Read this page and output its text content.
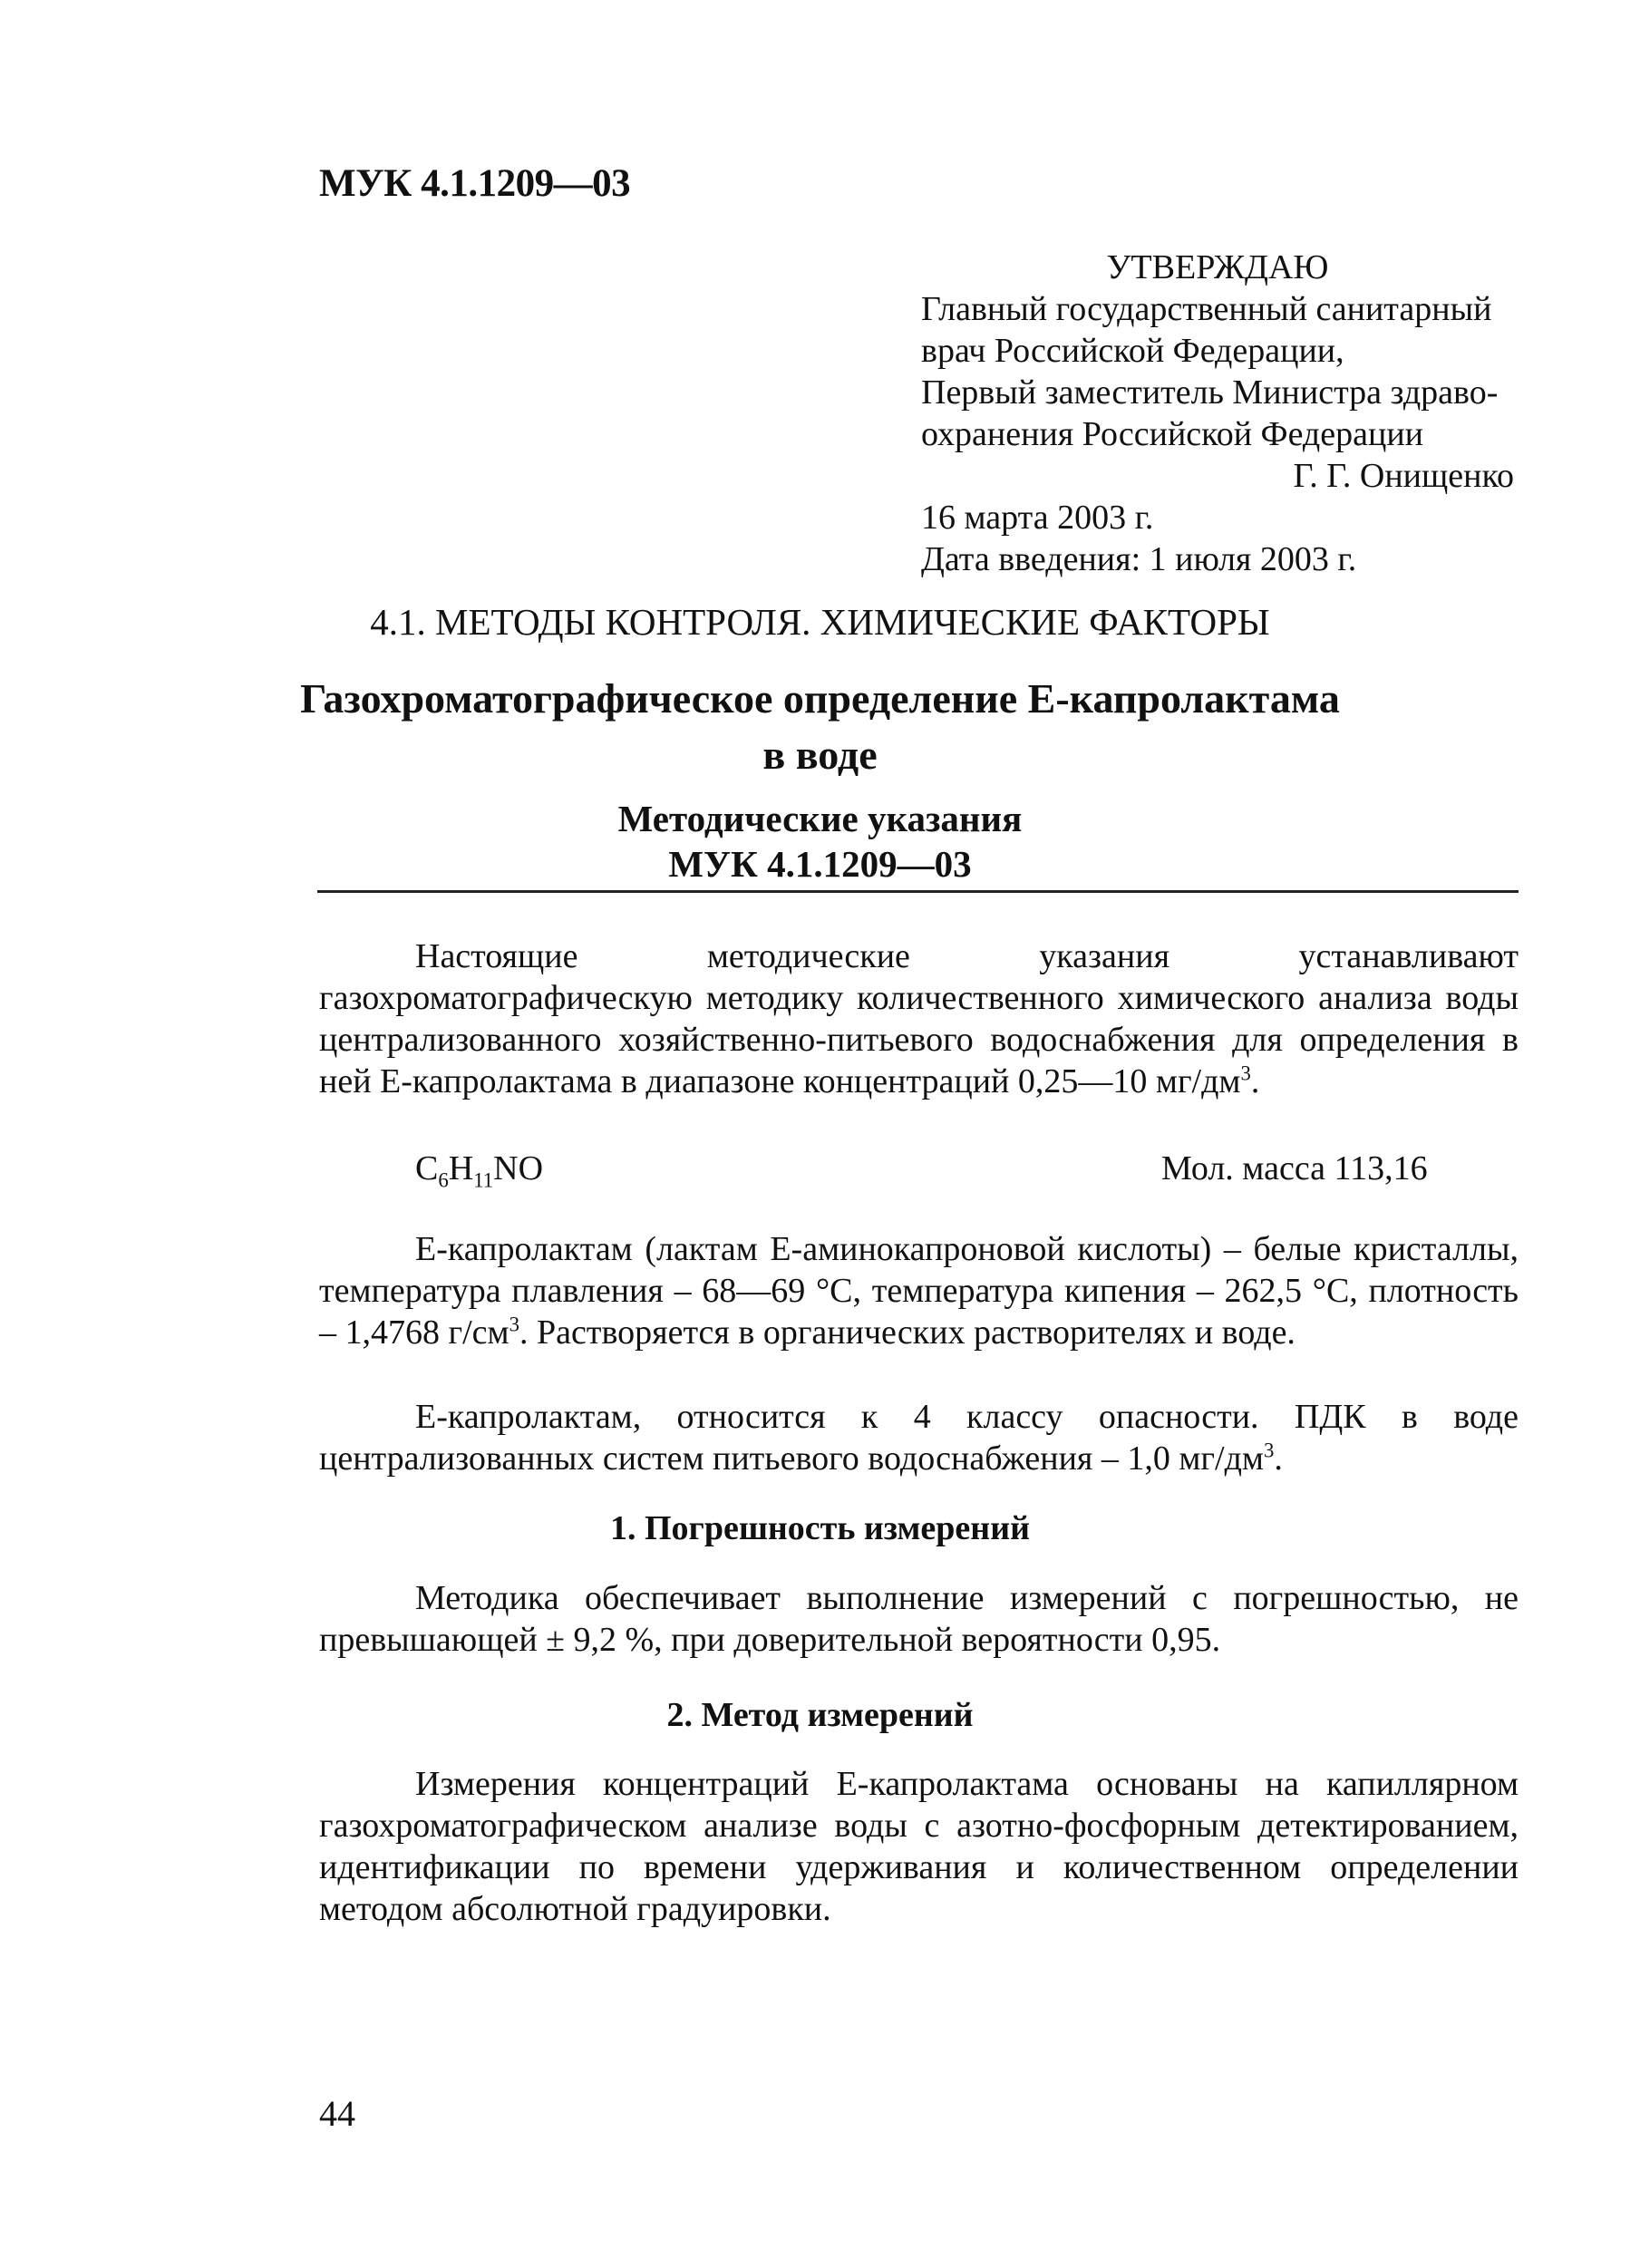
МУК 4.1.1209—03
УТВЕРЖДАЮ
Главный государственный санитарный
врач Российской Федерации,
Первый заместитель Министра здраво-
охранения Российской Федерации
Г. Г. Онищенко
16 марта 2003 г.
Дата введения: 1 июля 2003 г.
4.1. МЕТОДЫ КОНТРОЛЯ. ХИМИЧЕСКИЕ ФАКТОРЫ
Газохроматографическое определение Е-капролактама
в воде
Методические указания
МУК 4.1.1209—03
Настоящие методические указания устанавливают газохроматографическую методику количественного химического анализа воды централизованного хозяйственно-питьевого водоснабжения для определения в ней Е-капролактама в диапазоне концентраций 0,25—10 $мг/дм^3$.
$C_6H_{11}NO$	Мол. масса 113,16
Е-капролактам (лактам Е-аминокапроновой кислоты) – белые кристаллы, температура плавления – 68—69 °С, температура кипения – 262,5 °С, плотность – 1,4768 $г/см^3$. Растворяется в органических растворителях и воде.
Е-капролактам, относится к 4 классу опасности. ПДК в воде централизованных систем питьевого водоснабжения – 1,0 $мг/дм^3$.
1. Погрешность измерений
Методика обеспечивает выполнение измерений с погрешностью, не превышающей ± 9,2 %, при доверительной вероятности 0,95.
2. Метод измерений
Измерения концентраций Е-капролактама основаны на капиллярном газохроматографическом анализе воды с азотно-фосфорным детектированием, идентификации по времени удерживания и количественном определении методом абсолютной градуировки.
44
